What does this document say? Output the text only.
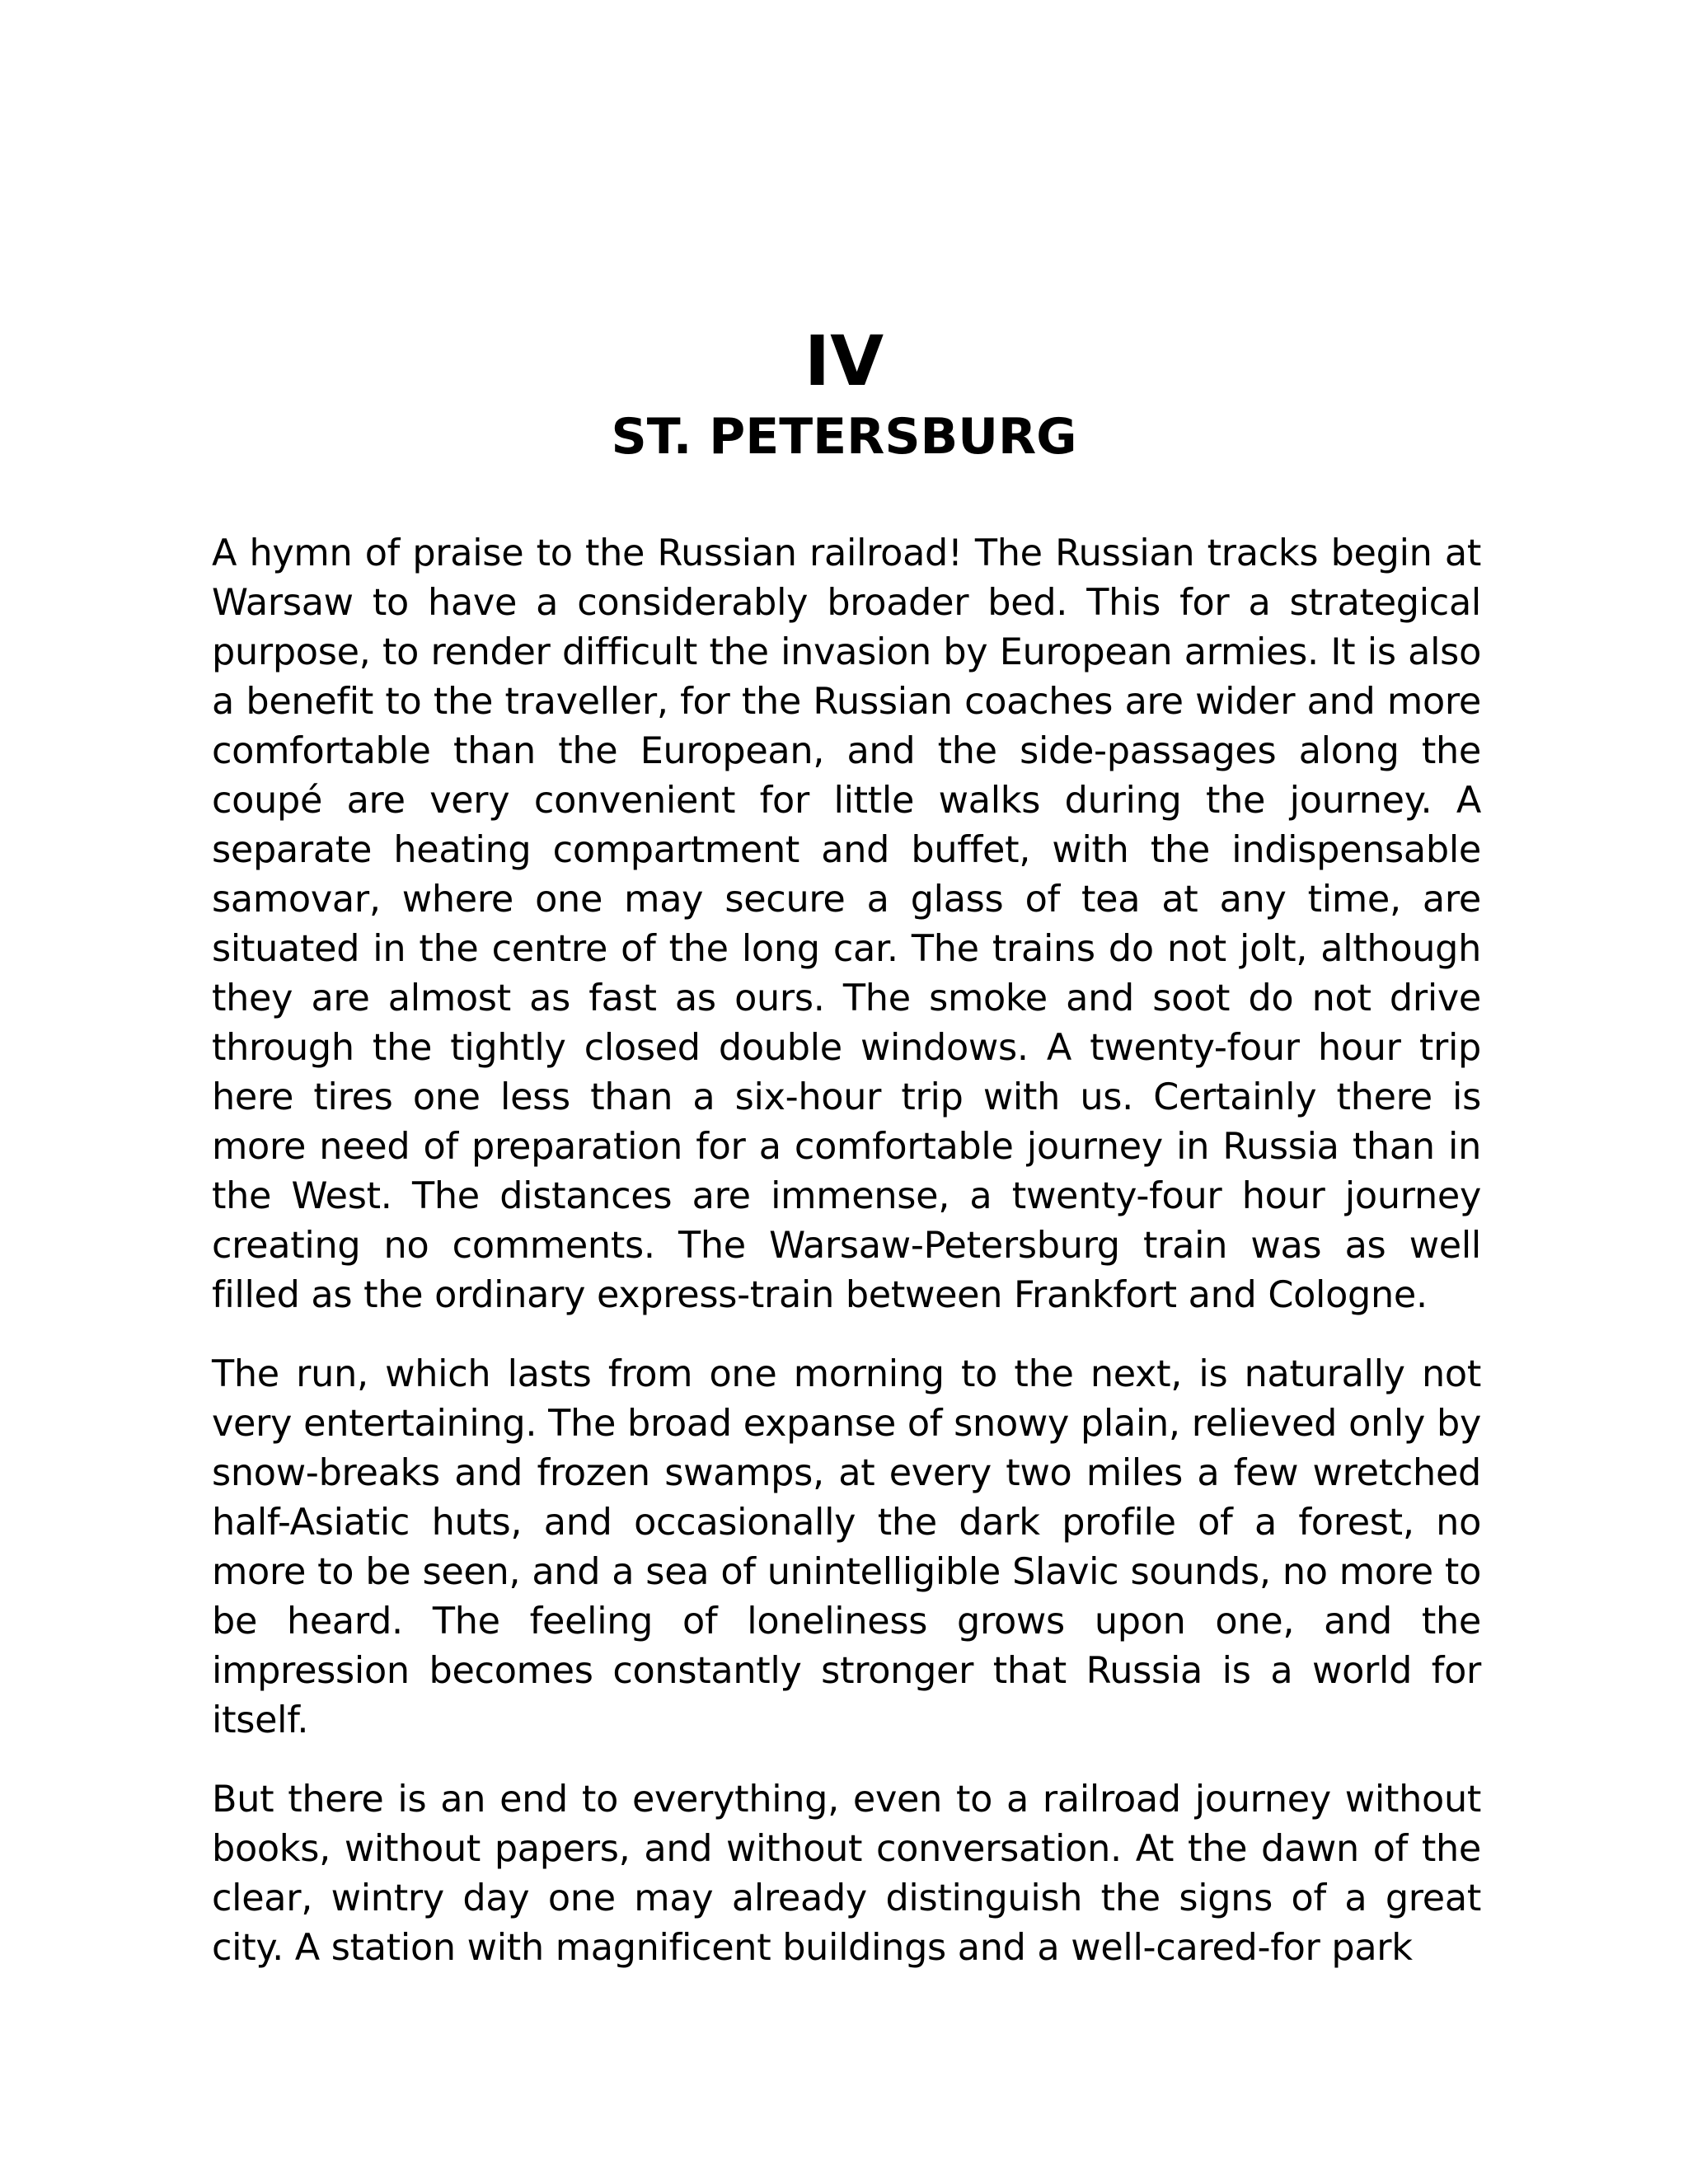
IV
ST. PETERSBURG

A hymn of praise to the Russian railroad! The Russian tracks begin at Warsaw to have a considerably broader bed. This for a strategical purpose, to render difficult the invasion by European armies. It is also a benefit to the traveller, for the Russian coaches are wider and more comfortable than the European, and the side-passages along the coupé are very convenient for little walks during the journey. A separate heating compartment and buffet, with the indispensable samovar, where one may secure a glass of tea at any time, are situated in the centre of the long car. The trains do not jolt, although they are almost as fast as ours. The smoke and soot do not drive through the tightly closed double windows. A twenty-four hour trip here tires one less than a six-hour trip with us. Certainly there is more need of preparation for a comfortable journey in Russia than in the West. The distances are immense, a twenty-four hour journey creating no comments. The Warsaw-Petersburg train was as well filled as the ordinary express-train between Frankfort and Cologne.

The run, which lasts from one morning to the next, is naturally not very entertaining. The broad expanse of snowy plain, relieved only by snow-breaks and frozen swamps, at every two miles a few wretched half-Asiatic huts, and occasionally the dark profile of a forest, no more to be seen, and a sea of unintelligible Slavic sounds, no more to be heard. The feeling of loneliness grows upon one, and the impression becomes constantly stronger that Russia is a world for itself.

But there is an end to everything, even to a railroad journey without books, without papers, and without conversation. At the dawn of the clear, wintry day one may already distinguish the signs of a great city. A station with magnificent buildings and a well-cared-for park
